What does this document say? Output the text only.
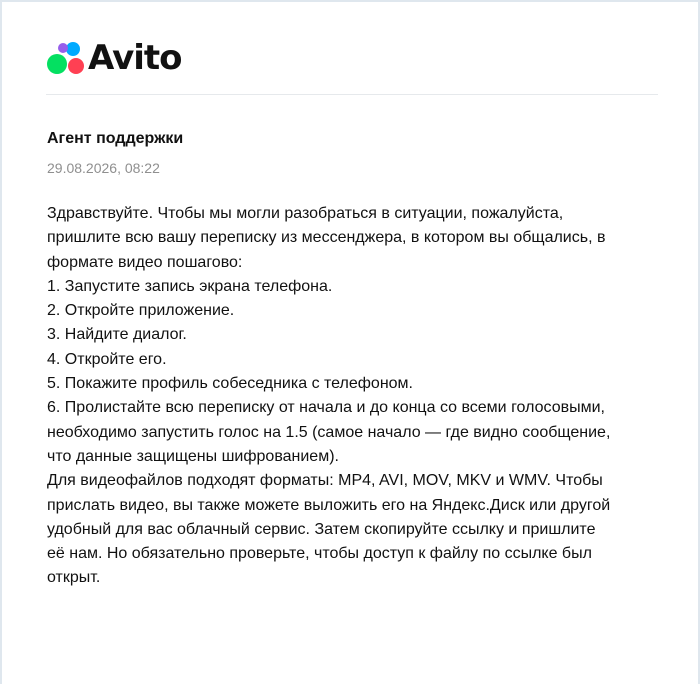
Avito
Агент поддержки
29.08.2026, 08:22

Здравствуйте. Чтобы мы могли разобраться в ситуации, пожалуйста,

пришлите всю вашу переписку из мессенджера, в котором вы общались, в

формате видео пошагово:

1. Запустите запись экрана телефона.

2. Откройте приложение.

3. Найдите диалог.

4. Откройте его.

5. Покажите профиль собеседника с телефоном.

6. Пролистайте всю переписку от начала и до конца со всеми голосовыми,

необходимо запустить голос на 1.5 (самое начало — где видно сообщение,

что данные защищены шифрованием).

Для видеофайлов подходят форматы: MP4, AVI, MOV, MKV и WMV. Чтобы

прислать видео, вы также можете выложить его на Яндекс.Диск или другой

удобный для вас облачный сервис. Затем скопируйте ссылку и пришлите

её нам. Но обязательно проверьте, чтобы доступ к файлу по ссылке был

открыт.
